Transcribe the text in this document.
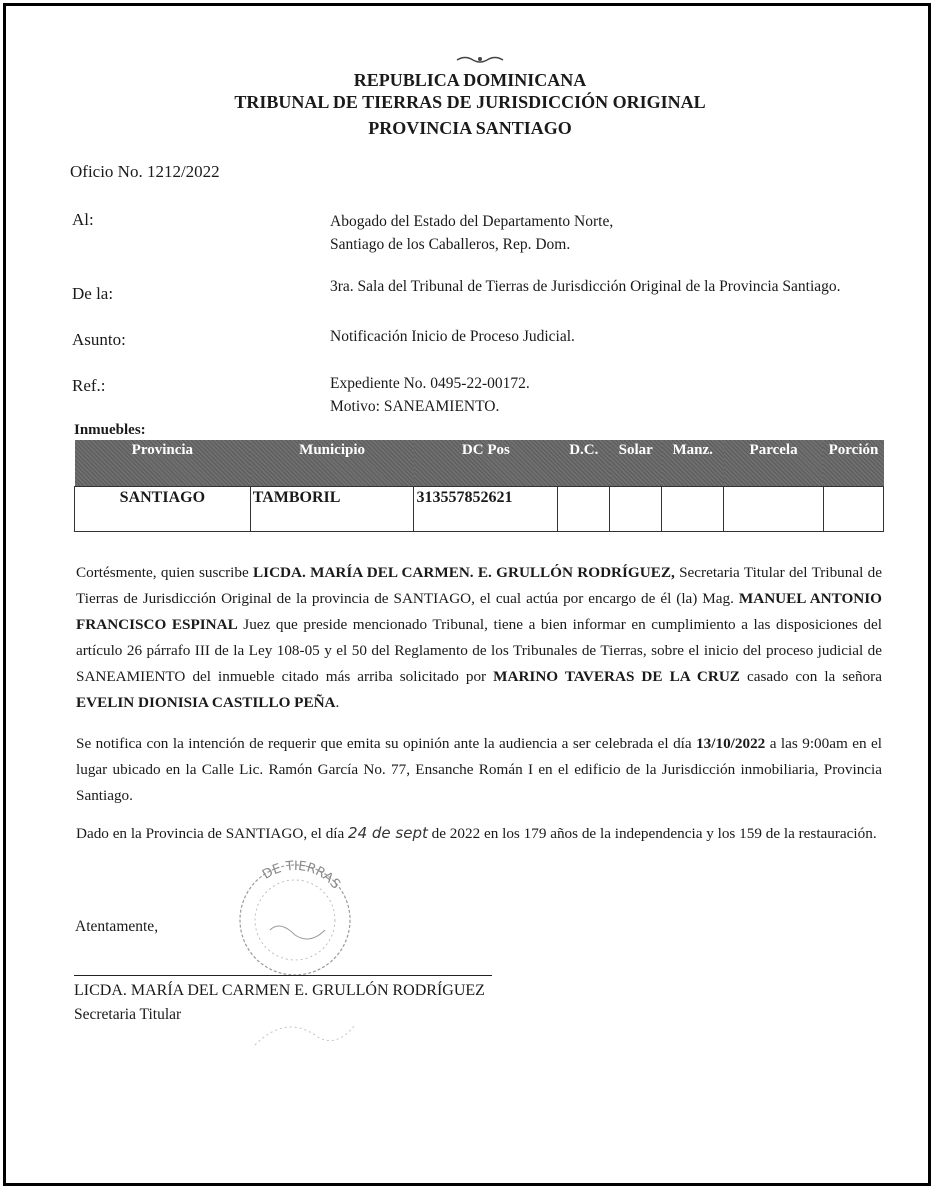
REPUBLICA DOMINICANA
TRIBUNAL DE TIERRAS DE JURISDICCIÓN ORIGINAL
PROVINCIA SANTIAGO
Oficio No. 1212/2022
Al:	Abogado del Estado del Departamento Norte,
Santiago de los Caballeros, Rep. Dom.
De la:	3ra. Sala del Tribunal de Tierras de Jurisdicción Original de la Provincia Santiago.
Asunto:	Notificación Inicio de Proceso Judicial.
Ref.:	Expediente No. 0495-22-00172.
Motivo: SANEAMIENTO.
Inmuebles:
Provincia	Municipio	DC Pos	D.C.	Solar	Manz.	Parcela	Porción
SANTIAGO	TAMBORIL	313557852621					
Cortésmente, quien suscribe LICDA. MARÍA DEL CARMEN. E. GRULLÓN RODRÍGUEZ, Secretaria Titular del Tribunal de Tierras de Jurisdicción Original de la provincia de SANTIAGO, el cual actúa por encargo de él (la) Mag. MANUEL ANTONIO FRANCISCO ESPINAL Juez que preside mencionado Tribunal, tiene a bien informar en cumplimiento a las disposiciones del artículo 26 párrafo III de la Ley 108-05 y el 50 del Reglamento de los Tribunales de Tierras, sobre el inicio del proceso judicial de SANEAMIENTO del inmueble citado más arriba solicitado por MARINO TAVERAS DE LA CRUZ casado con la señora EVELIN DIONISIA CASTILLO PEÑA.
Se notifica con la intención de requerir que emita su opinión ante la audiencia a ser celebrada el día 13/10/2022 a las 9:00am en el lugar ubicado en la Calle Lic. Ramón García No. 77, Ensanche Román I en el edificio de la Jurisdicción inmobiliaria, Provincia Santiago.
Dado en la Provincia de SANTIAGO, el día 24 de sept de 2022 en los 179 años de la independencia y los 159 de la restauración.
DE TIERRAS
Atentamente,
LICDA. MARÍA DEL CARMEN E. GRULLÓN RODRÍGUEZ
Secretaria Titular
